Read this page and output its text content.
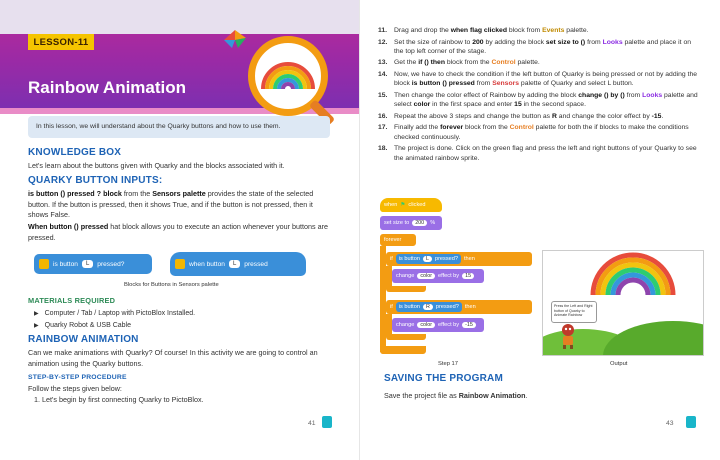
LESSON-11
Rainbow Animation
In this lesson, we will understand about the Quarky buttons and how to use them.
KNOWLEDGE BOX
Let's learn about the buttons given with Quarky and the blocks associated with it.
QUARKY BUTTON INPUTS:
is button () pressed ? block from the Sensors palette provides the state of the selected button. If the button is pressed, then it shows True, and if the button is not pressed, then it shows False.
When button () pressed hat block allows you to execute an action whenever your buttons are pressed.
is button	L	pressed?	when button	L	pressed
Blocks for Buttons in Sensors palette
MATERIALS REQUIRED
▶ Computer / Tab / Laptop with PictoBlox Installed.
▶ Quarky Robot & USB Cable
RAINBOW ANIMATION
Can we make animations with Quarky? Of course! In this activity we are going to control an animation using the Quarky buttons.
STEP-BY-STEP PROCEDURE
Follow the steps given below:
1. Let's begin by first connecting Quarky to PictoBlox.
41
11.	Drag and drop the when flag clicked block from Events palette.
12. Set the size of rainbow to 200 by adding the block set size to () from Looks palette and place it on the top left corner of the stage.
13. Get the if () then block from the Control palette.
14. Now, we have to check the condition if the left button of Quarky is being pressed or not by adding the block is button () pressed from Sensors palette of Quarky and select L button.
15. Then change the color effect of Rainbow by adding the block change () by () from Looks palette and select color in the first space and enter 15 in the second space.
16. Repeat the above 3 steps and change the button as R and change the color effect by -15.
17. Finally add the forever block from the Control palette for both the if blocks to make the conditions checked continuously.
18. The project is done. Click on the green flag and press the left and right buttons of your Quarky to see the animated rainbow sprite.
when ⚑ clicked
set size to	200	%
forever
if is button	L	pressed? then
change	color	effect by	15
if is button	R	pressed? then
change	color	effect by	-15
Step 17
Press the Left and Right button of Quarky to Animate Rainbow
Output
SAVING THE PROGRAM
Save the project file as Rainbow Animation.
43
